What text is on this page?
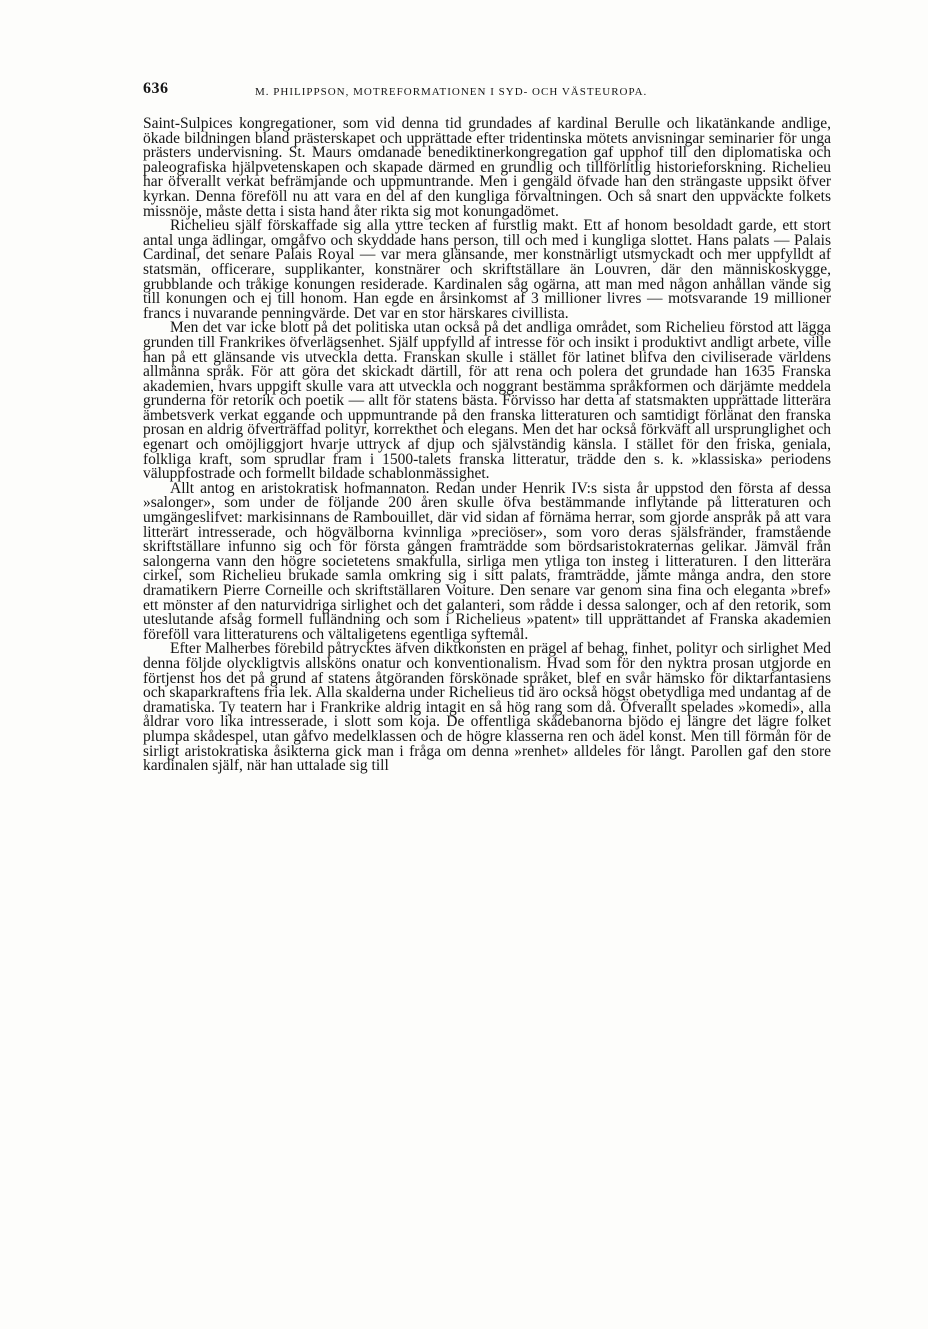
636	M. PHILIPPSON, MOTREFORMATIONEN I SYD- OCH VÄSTEUROPA.

Saint-Sulpices kongregationer, som vid denna tid grundades af kardinal Berulle och likatänkande andlige, ökade bildningen bland prästerskapet och upprättade efter tridentinska mötets anvisningar seminarier för unga prästers undervisning. St. Maurs omdanade benediktinerkongregation gaf upphof till den diplomatiska och paleografiska hjälpvetenskapen och skapade därmed en grundlig och tillförlitlig historieforskning. Richelieu har öfverallt verkat befrämjande och uppmuntrande. Men i gengäld öfvade han den strängaste uppsikt öfver kyrkan. Denna föreföll nu att vara en del af den kungliga förvaltningen. Och så snart den uppväckte folkets missnöje, måste detta i sista hand åter rikta sig mot konungadömet.

Richelieu själf förskaffade sig alla yttre tecken af furstlig makt. Ett af honom besoldadt garde, ett stort antal unga ädlingar, omgåfvo och skyddade hans person, till och med i kungliga slottet. Hans palats — Palais Cardinal, det senare Palais Royal — var mera glänsande, mer konstnärligt utsmyckadt och mer uppfylldt af statsmän, officerare, supplikanter, konstnärer och skriftställare än Louvren, där den människoskygge, grubblande och tråkige konungen residerade. Kardinalen såg ogärna, att man med någon anhållan vände sig till konungen och ej till honom. Han egde en årsinkomst af 3 millioner livres — motsvarande 19 millioner francs i nuvarande penningvärde. Det var en stor härskares civillista.

Men det var icke blott på det politiska utan också på det andliga området, som Richelieu förstod att lägga grunden till Frankrikes öfverlägsenhet. Själf uppfylld af intresse för och insikt i produktivt andligt arbete, ville han på ett glänsande vis utveckla detta. Franskan skulle i stället för latinet blifva den civiliserade världens allmänna språk. För att göra det skickadt därtill, för att rena och polera det grundade han 1635 Franska akademien, hvars uppgift skulle vara att utveckla och noggrant bestämma språkformen och därjämte meddela grunderna för retorik och poetik — allt för statens bästa. Förvisso har detta af statsmakten upprättade litterära ämbetsverk verkat eggande och uppmuntrande på den franska litteraturen och samtidigt förlänat den franska prosan en aldrig öfverträffad polityr, korrekthet och elegans. Men det har också förkväft all ursprunglighet och egenart och omöjliggjort hvarje uttryck af djup och självständig känsla. I stället för den friska, geniala, folkliga kraft, som sprudlar fram i 1500-talets franska litteratur, trädde den s. k. »klassiska» periodens väluppfostrade och formellt bildade schablonmässighet.

Allt antog en aristokratisk hofmannaton. Redan under Henrik IV:s sista år uppstod den första af dessa »salonger», som under de följande 200 åren skulle öfva bestämmande inflytande på litteraturen och umgängeslifvet: markisinnans de Rambouillet, där vid sidan af förnäma herrar, som gjorde anspråk på att vara litterärt intresserade, och högvälborna kvinnliga »preciöser», som voro deras själsfränder, framstående skriftställare infunno sig och för första gången framträdde som bördsaristokraternas gelikar. Jämväl från salongerna vann den högre societetens smakfulla, sirliga men ytliga ton insteg i litteraturen. I den litterära cirkel, som Richelieu brukade samla omkring sig i sitt palats, framträdde, jämte många andra, den store dramatikern Pierre Corneille och skriftställaren Voiture. Den senare var genom sina fina och eleganta »bref» ett mönster af den naturvidriga sirlighet och det galanteri, som rådde i dessa salonger, och af den retorik, som uteslutande afsåg formell fulländning och som i Richelieus »patent» till upprättandet af Franska akademien föreföll vara litteraturens och vältaligetens egentliga syftemål.

Efter Malherbes förebild påtrycktes äfven diktkonsten en prägel af behag, finhet, polityr och sirlighet Med denna följde olyckligtvis allsköns onatur och konventionalism. Hvad som för den nyktra prosan utgjorde en förtjenst hos det på grund af statens åtgöranden förskönade språket, blef en svår hämsko för diktarfantasiens och skaparkraftens fria lek. Alla skalderna under Richelieus tid äro också högst obetydliga med undantag af de dramatiska. Ty teatern har i Frankrike aldrig intagit en så hög rang som då. Öfverallt spelades »komedi», alla åldrar voro lika intresserade, i slott som koja. De offentliga skådebanorna bjödo ej längre det lägre folket plumpa skådespel, utan gåfvo medelklassen och de högre klasserna ren och ädel konst. Men till förmån för de sirligt aristokratiska åsikterna gick man i fråga om denna »renhet» alldeles för långt. Parollen gaf den store kardinalen själf, när han uttalade sig till
